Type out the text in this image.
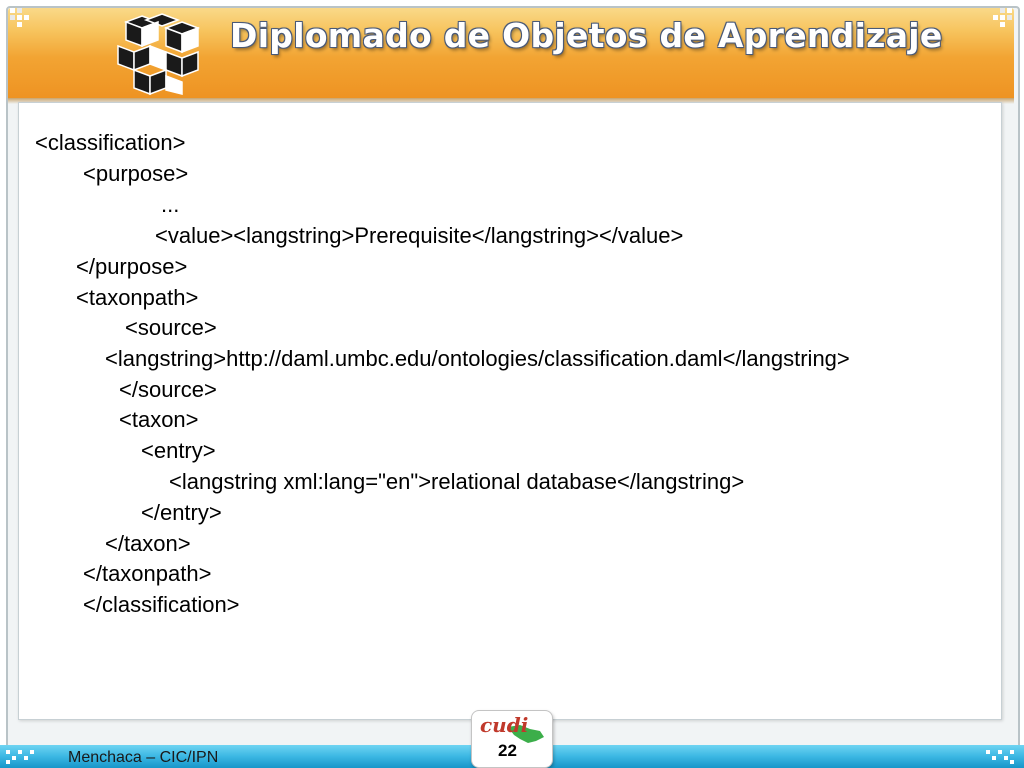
Diplomado de Objetos de Aprendizaje
<classification>
<purpose>
...
<value><langstring>Prerequisite</langstring></value>
</purpose>
<taxonpath>
<source>
<langstring>http://daml.umbc.edu/ontologies/classification.daml</langstring>
</source>
<taxon>
<entry>
<langstring xml:lang="en">relational database</langstring>
</entry>
</taxon>
</taxonpath>
</classification>
Menchaca – CIC/IPN
cudi
22
